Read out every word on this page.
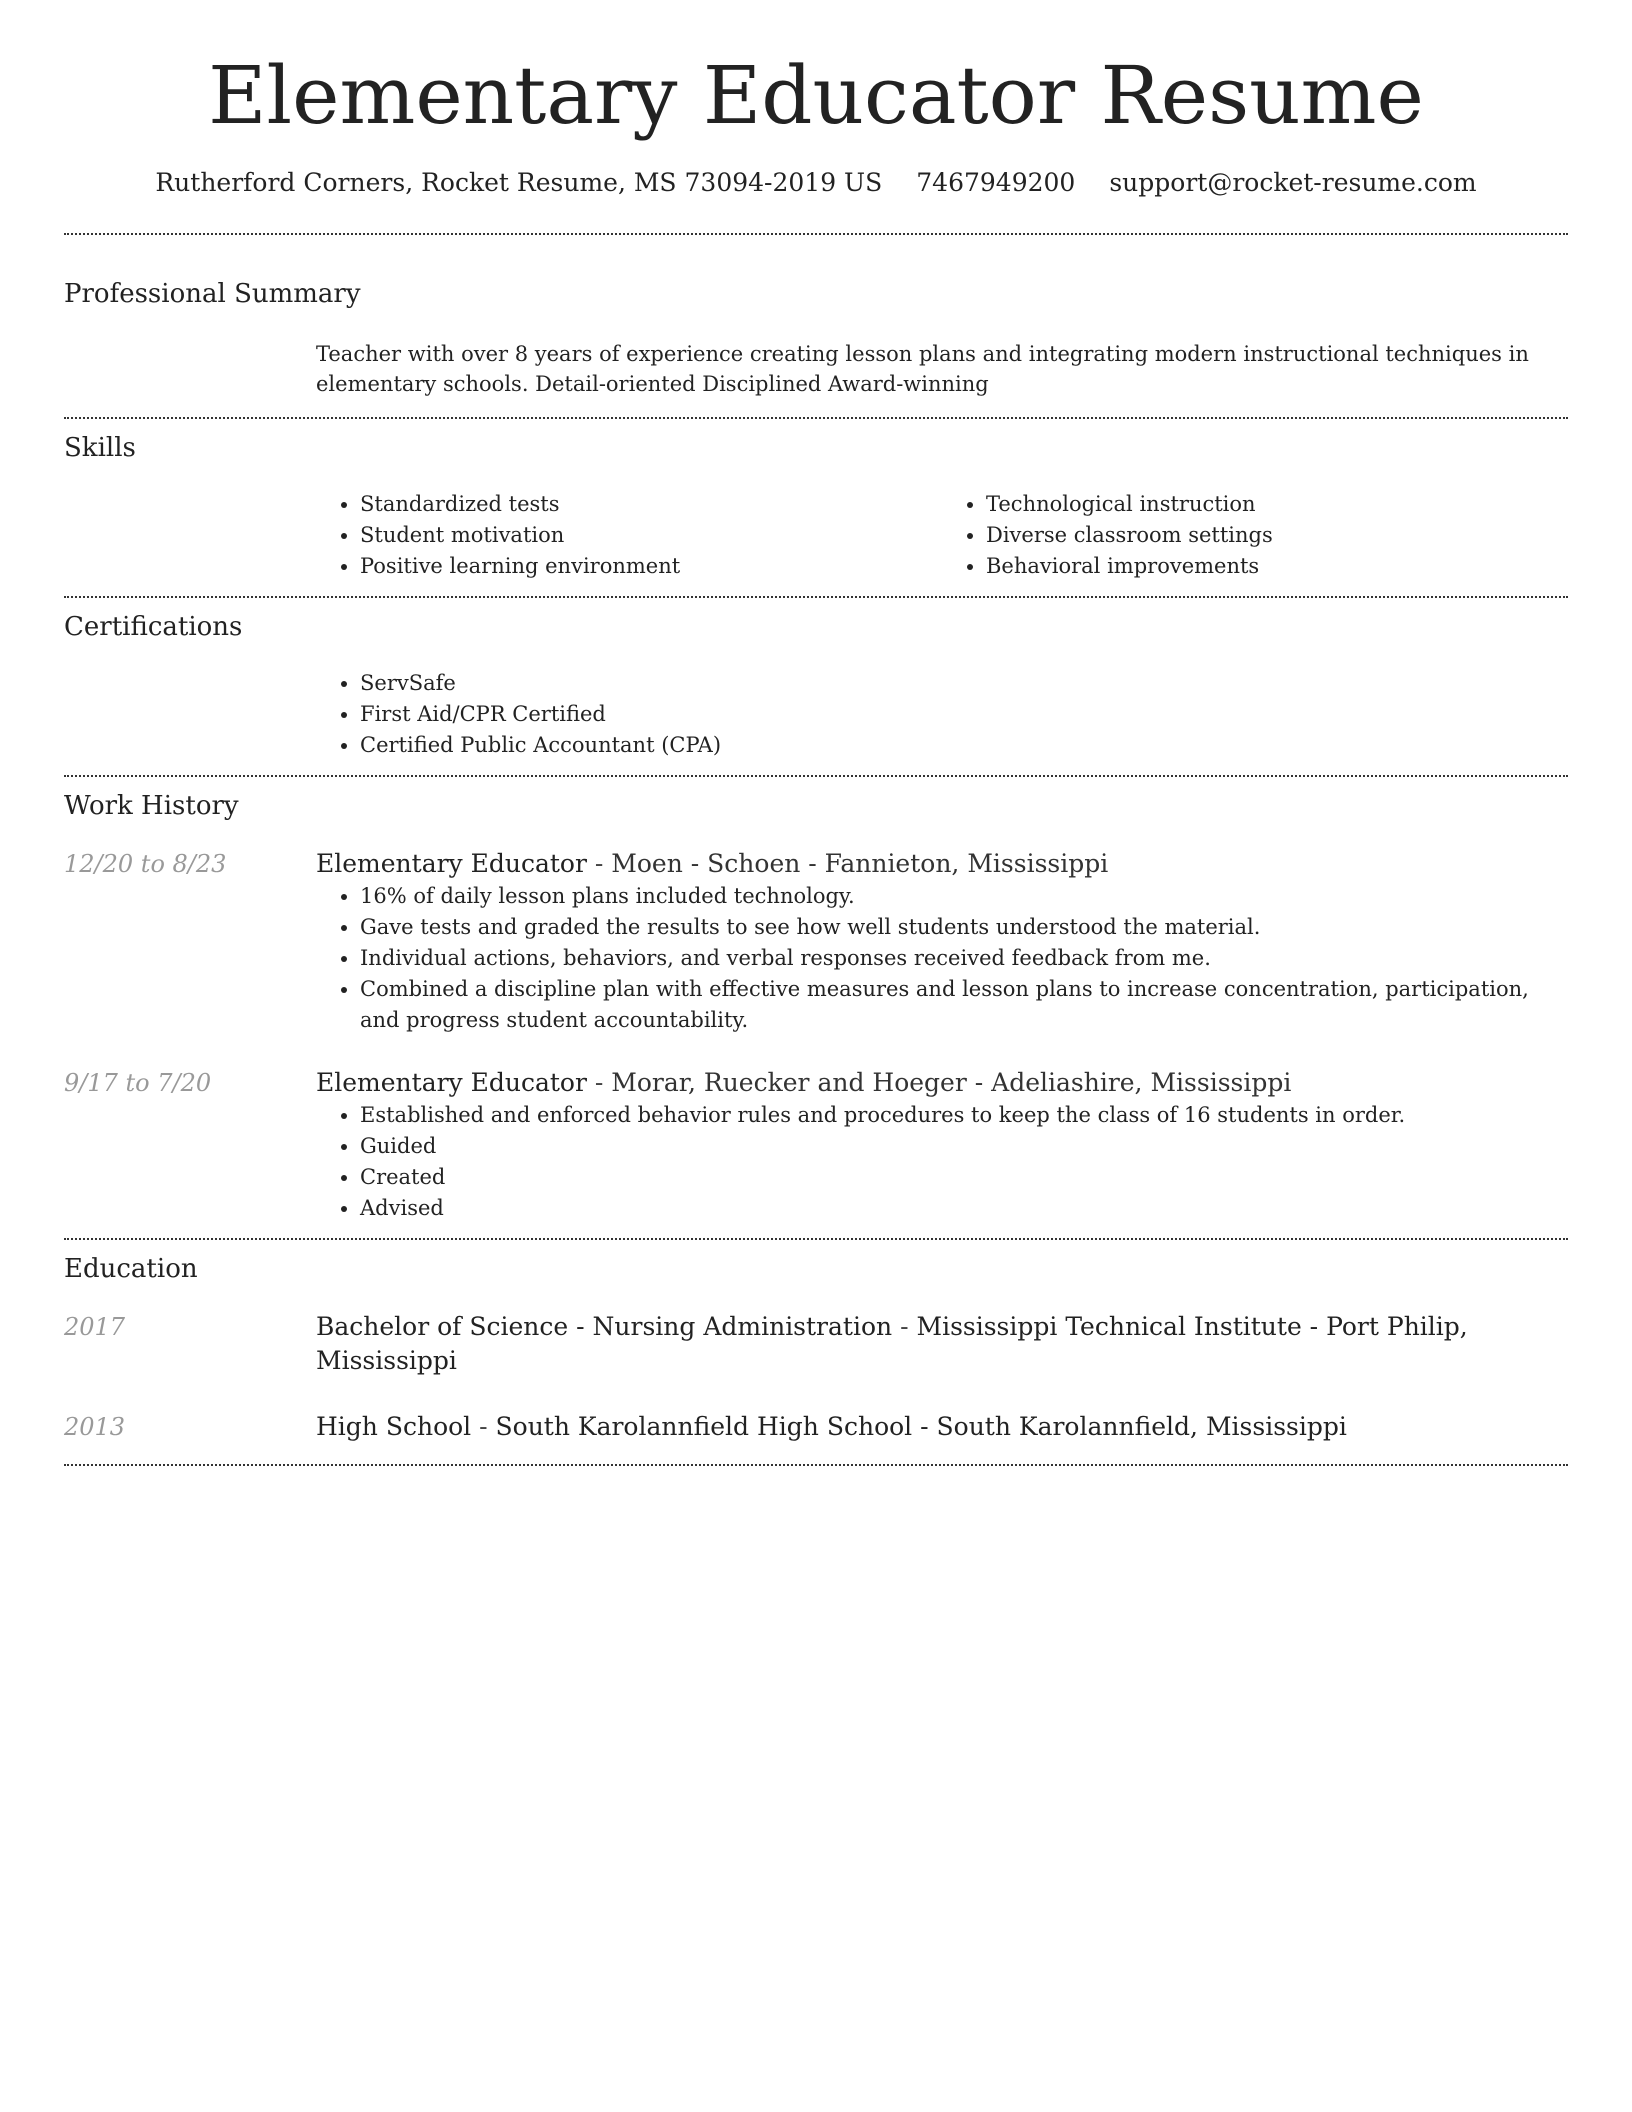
Elementary Educator Resume
Rutherford Corners, Rocket Resume, MS 73094-2019 US 7467949200 support@rocket-resume.com
Professional Summary

Teacher with over 8 years of experience creating lesson plans and integrating modern instructional techniques in elementary schools. Detail-oriented Disciplined Award-winning

Skills
• Standardized tests
• Student motivation
• Positive learning environment
• Technological instruction
• Diverse classroom settings
• Behavioral improvements
Certifications
• ServSafe
• First Aid/CPR Certified
• Certified Public Accountant (CPA)
Work History
12/20 to 8/23	Elementary Educator - Moen - Schoen - Fannieton, Mississippi
• 16% of daily lesson plans included technology.
• Gave tests and graded the results to see how well students understood the material.
• Individual actions, behaviors, and verbal responses received feedback from me.
• Combined a discipline plan with effective measures and lesson plans to increase concentration, participation, and progress student accountability.
9/17 to 7/20	Elementary Educator - Morar, Ruecker and Hoeger - Adeliashire, Mississippi
• Established and enforced behavior rules and procedures to keep the class of 16 students in order.
• Guided
• Created
• Advised
Education
2017	Bachelor of Science - Nursing Administration - Mississippi Technical Institute - Port Philip, Mississippi
2013	High School - South Karolannfield High School - South Karolannfield, Mississippi
